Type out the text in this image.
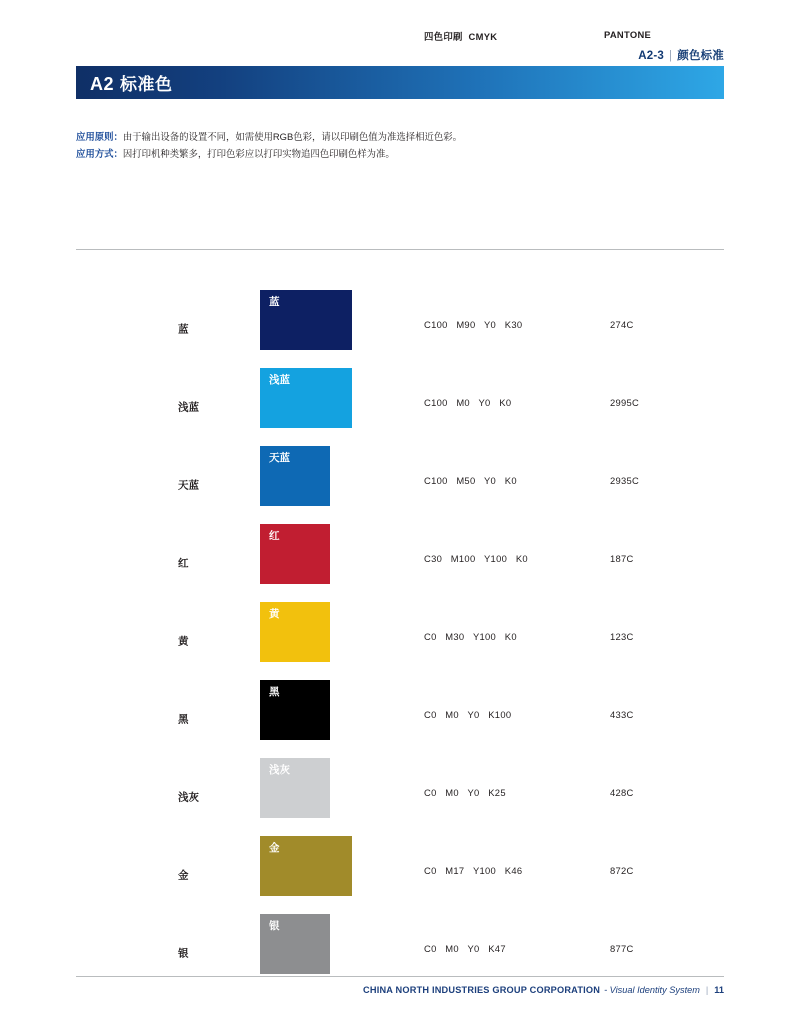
A2-3 | 颜色标准
A2 标准色
应用原则：由于输出设备的设置不同，如需使用RGB色彩，请以印刷色值为准选择相近色彩。
应用方式：因打印机种类繁多，打印色彩应以打印实物追四色印刷色样为准。
四色印刷  CMYK	PANTONE
蓝
蓝
C100   M90   Y0   K30	274C
浅蓝
浅蓝
C100   M0   Y0   K0	2995C
天蓝
天蓝
C100   M50   Y0   K0	2935C
红
红
C30   M100   Y100   K0	187C
黄
黄
C0   M30   Y100   K0	123C
黑
黑
C0   M0   Y0   K100	433C
浅灰
浅灰
C0   M0   Y0   K25	428C
金
金
C0   M17   Y100   K46	872C
银
银
C0   M0   Y0   K47	877C
CHINA NORTH INDUSTRIES GROUP CORPORATION - Visual Identity System | 11
